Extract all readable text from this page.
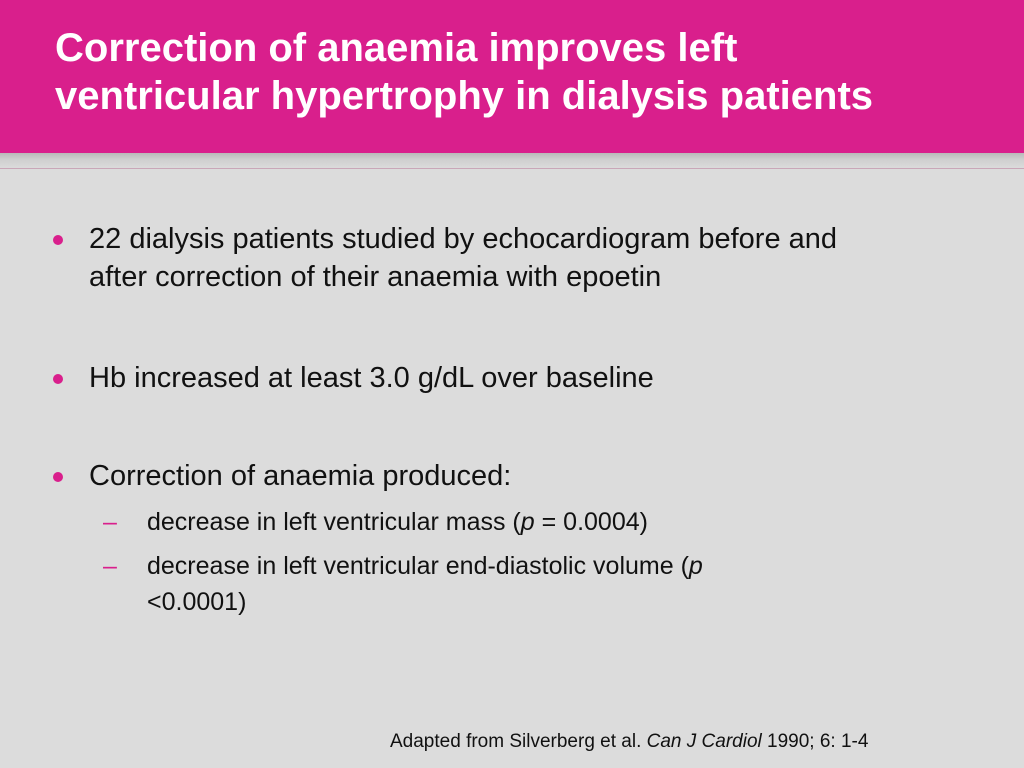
Correction of anaemia improves left
ventricular hypertrophy in dialysis patients
22 dialysis patients studied by echocardiogram before and
after correction of their anaemia with epoetin
Hb increased at least 3.0 g/dL over baseline
Correction of anaemia produced:
– decrease in left ventricular mass (p = 0.0004)
– decrease in left ventricular end-diastolic volume (p
<0.0001)
Adapted from Silverberg et al. Can J Cardiol 1990; 6: 1-4
